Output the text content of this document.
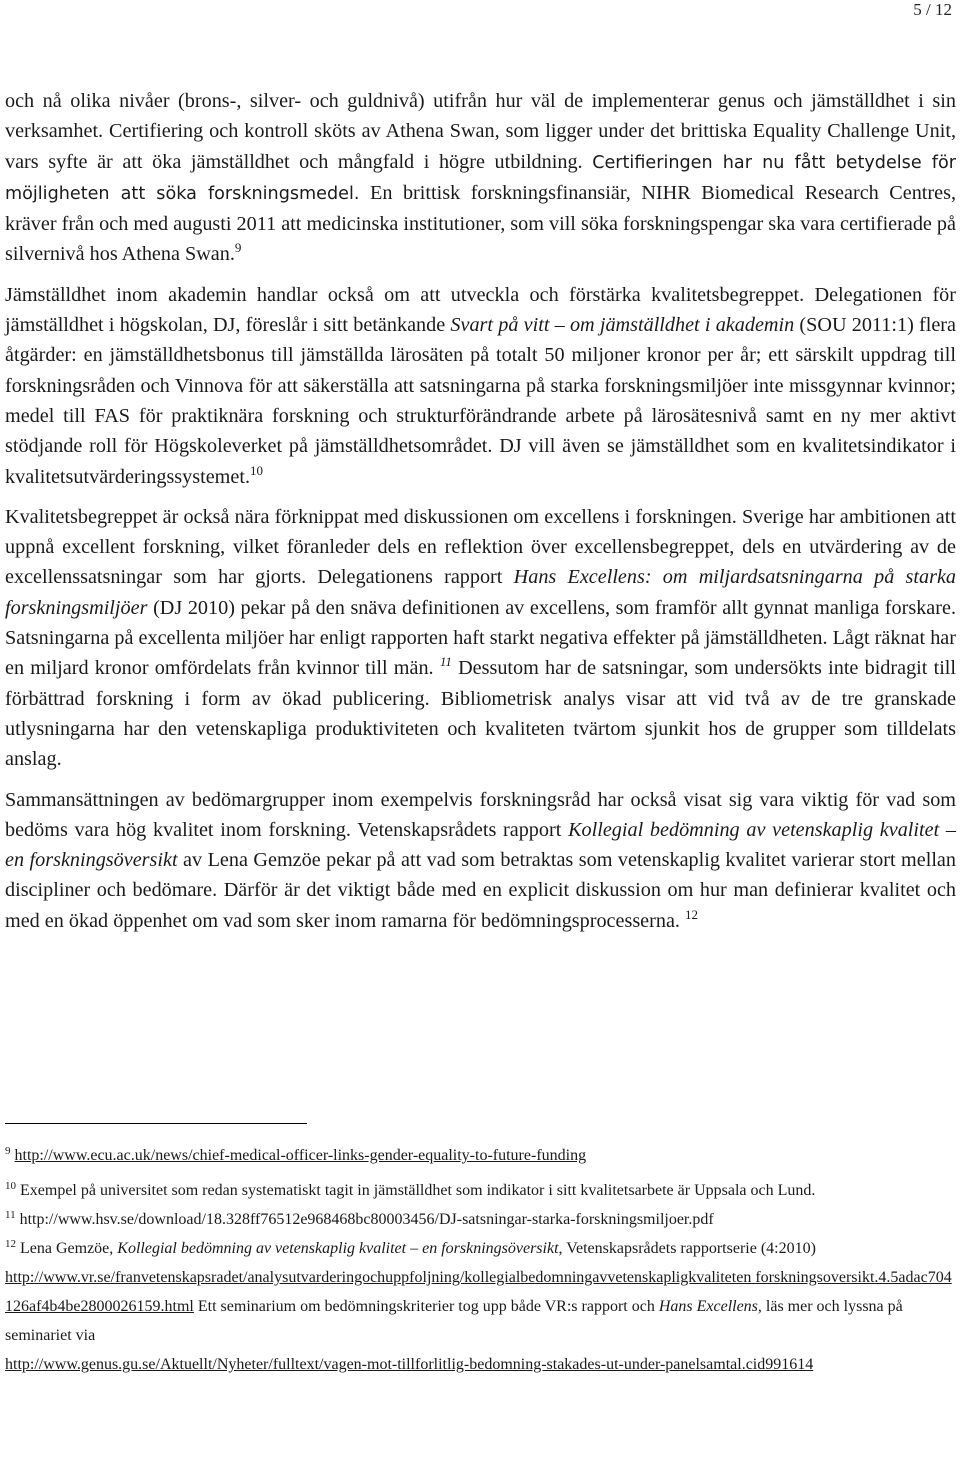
5 / 12

och nå olika nivåer (brons-, silver- och guldnivå) utifrån hur väl de implementerar genus och jämställdhet i sin verksamhet. Certifiering och kontroll sköts av Athena Swan, som ligger under det brittiska Equality Challenge Unit, vars syfte är att öka jämställdhet och mångfald i högre utbildning. Certifieringen har nu fått betydelse för möjligheten att söka forskningsmedel. En brittisk forskningsfinansiär, NIHR Biomedical Research Centres, kräver från och med augusti 2011 att medicinska institutioner, som vill söka forskningspengar ska vara certifierade på silvernivå hos Athena Swan.$^9$

Jämställdhet inom akademin handlar också om att utveckla och förstärka kvalitetsbegreppet. Delegationen för jämställdhet i högskolan, DJ, föreslår i sitt betänkande Svart på vitt – om jämställdhet i akademin (SOU 2011:1) flera åtgärder: en jämställdhetsbonus till jämställda lärosäten på totalt 50 miljoner kronor per år; ett särskilt uppdrag till forskningsråden och Vinnova för att säkerställa att satsningarna på starka forskningsmiljöer inte missgynnar kvinnor; medel till FAS för praktiknära forskning och strukturförändrande arbete på lärosätesnivå samt en ny mer aktivt stödjande roll för Högskoleverket på jämställdhetsområdet. DJ vill även se jämställdhet som en kvalitetsindikator i kvalitetsutvärderingssystemet.$^{10}$

Kvalitetsbegreppet är också nära förknippat med diskussionen om excellens i forskningen. Sverige har ambitionen att uppnå excellent forskning, vilket föranleder dels en reflektion över excellensbegreppet, dels en utvärdering av de excellenssatsningar som har gjorts. Delegationens rapport Hans Excellens: om miljardsatsningarna på starka forskningsmiljöer (DJ 2010) pekar på den snäva definitionen av excellens, som framför allt gynnat manliga forskare. Satsningarna på excellenta miljöer har enligt rapporten haft starkt negativa effekter på jämställdheten. Lågt räknat har en miljard kronor omfördelats från kvinnor till män. $^{11}$ Dessutom har de satsningar, som undersökts inte bidragit till förbättrad forskning i form av ökad publicering. Bibliometrisk analys visar att vid två av de tre granskade utlysningarna har den vetenskapliga produktiviteten och kvaliteten tvärtom sjunkit hos de grupper som tilldelats anslag.

Sammansättningen av bedömargrupper inom exempelvis forskningsråd har också visat sig vara viktig för vad som bedöms vara hög kvalitet inom forskning. Vetenskapsrådets rapport Kollegial bedömning av vetenskaplig kvalitet – en forskningsöversikt av Lena Gemzöe pekar på att vad som betraktas som vetenskaplig kvalitet varierar stort mellan discipliner och bedömare. Därför är det viktigt både med en explicit diskussion om hur man definierar kvalitet och med en ökad öppenhet om vad som sker inom ramarna för bedömningsprocesserna. $^{12}$

$^9$ http://www.ecu.ac.uk/news/chief-medical-officer-links-gender-equality-to-future-funding

$^{10}$ Exempel på universitet som redan systematiskt tagit in jämställdhet som indikator i sitt kvalitetsarbete är Uppsala och Lund.

$^{11}$ http://www.hsv.se/download/18.328ff76512e968468bc80003456/DJ-satsningar-starka-forskningsmiljoer.pdf

$^{12}$ Lena Gemzöe, Kollegial bedömning av vetenskaplig kvalitet – en forskningsöversikt, Vetenskapsrådets rapportserie (4:2010)
http://www.vr.se/franvetenskapsradet/analysutvarderingochuppfoljning/kollegialbedomningavvetenskapligkvaliteten forskningsoversikt.4.5adac704126af4b4be2800026159.html Ett seminarium om bedömningskriterier tog upp både VR:s rapport och Hans Excellens, läs mer och lyssna på seminariet via
http://www.genus.gu.se/Aktuellt/Nyheter/fulltext/vagen-mot-tillforlitlig-bedomning-stakades-ut-under-panelsamtal.cid991614
